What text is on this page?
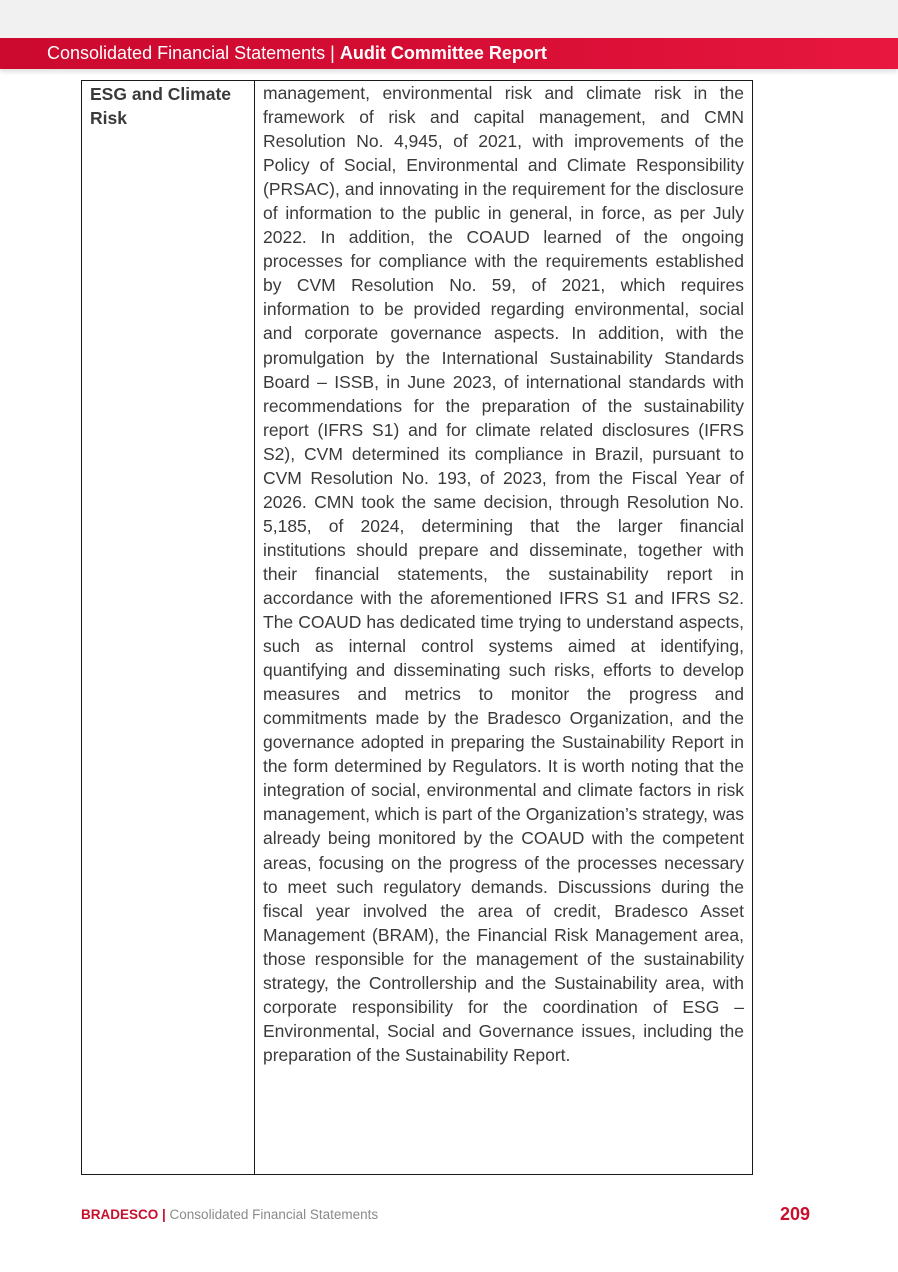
Consolidated Financial Statements | Audit Committee Report
ESG and Climate Risk
management, environmental risk and climate risk in the framework of risk and capital management, and CMN Resolution No. 4,945, of 2021, with improvements of the Policy of Social, Environmental and Climate Responsibility (PRSAC), and innovating in the requirement for the disclosure of information to the public in general, in force, as per July 2022. In addition, the COAUD learned of the ongoing processes for compliance with the requirements established by CVM Resolution No. 59, of 2021, which requires information to be provided regarding environmental, social and corporate governance aspects. In addition, with the promulgation by the International Sustainability Standards Board – ISSB, in June 2023, of international standards with recommendations for the preparation of the sustainability report (IFRS S1) and for climate related disclosures (IFRS S2), CVM determined its compliance in Brazil, pursuant to CVM Resolution No. 193, of 2023, from the Fiscal Year of 2026. CMN took the same decision, through Resolution No. 5,185, of 2024, determining that the larger financial institutions should prepare and disseminate, together with their financial statements, the sustainability report in accordance with the aforementioned IFRS S1 and IFRS S2. The COAUD has dedicated time trying to understand aspects, such as internal control systems aimed at identifying, quantifying and disseminating such risks, efforts to develop measures and metrics to monitor the progress and commitments made by the Bradesco Organization, and the governance adopted in preparing the Sustainability Report in the form determined by Regulators. It is worth noting that the integration of social, environmental and climate factors in risk management, which is part of the Organization’s strategy, was already being monitored by the COAUD with the competent areas, focusing on the progress of the processes necessary to meet such regulatory demands. Discussions during the fiscal year involved the area of credit, Bradesco Asset Management (BRAM), the Financial Risk Management area, those responsible for the management of the sustainability strategy, the Controllership and the Sustainability area, with corporate responsibility for the coordination of ESG – Environmental, Social and Governance issues, including the preparation of the Sustainability Report.
BRADESCO | Consolidated Financial Statements	209
